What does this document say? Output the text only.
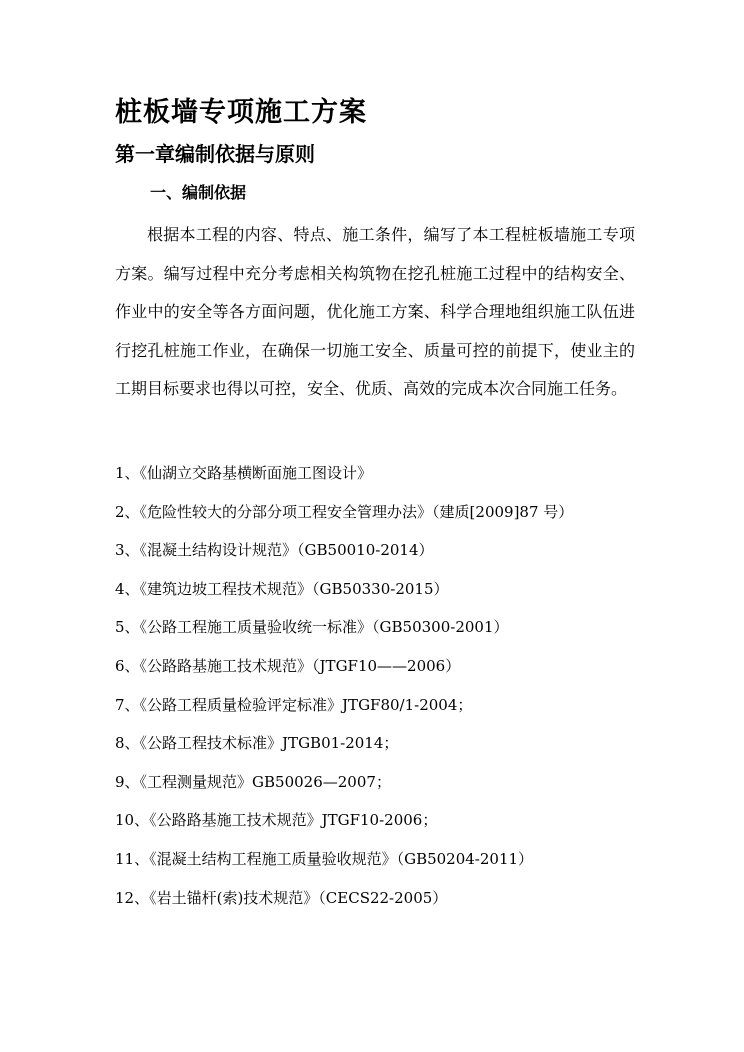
桩板墙专项施工方案
第一章编制依据与原则
一、编制依据

根据本工程的内容、特点、施工条件，编写了本工程桩板墙施工专项方案。编写过程中充分考虑相关构筑物在挖孔桩施工过程中的结构安全、作业中的安全等各方面问题，优化施工方案、科学合理地组织施工队伍进行挖孔桩施工作业，在确保一切施工安全、质量可控的前提下，使业主的工期目标要求也得以可控，安全、优质、高效的完成本次合同施工任务。

1、《仙湖立交路基横断面施工图设计》
2、《危险性较大的分部分项工程安全管理办法》（建质[2009]87 号）
3、《混凝土结构设计规范》（GB50010-2014）
4、《建筑边坡工程技术规范》（GB50330-2015）
5、《公路工程施工质量验收统一标准》（GB50300-2001）
6、《公路路基施工技术规范》（JTGF10——2006）
7、《公路工程质量检验评定标准》JTGF80/1-2004；
8、《公路工程技术标准》JTGB01-2014；
9、《工程测量规范》GB50026—2007；
10、《公路路基施工技术规范》JTGF10-2006；
11、《混凝土结构工程施工质量验收规范》（GB50204-2011）
12、《岩土锚杆(索)技术规范》（CECS22-2005）
